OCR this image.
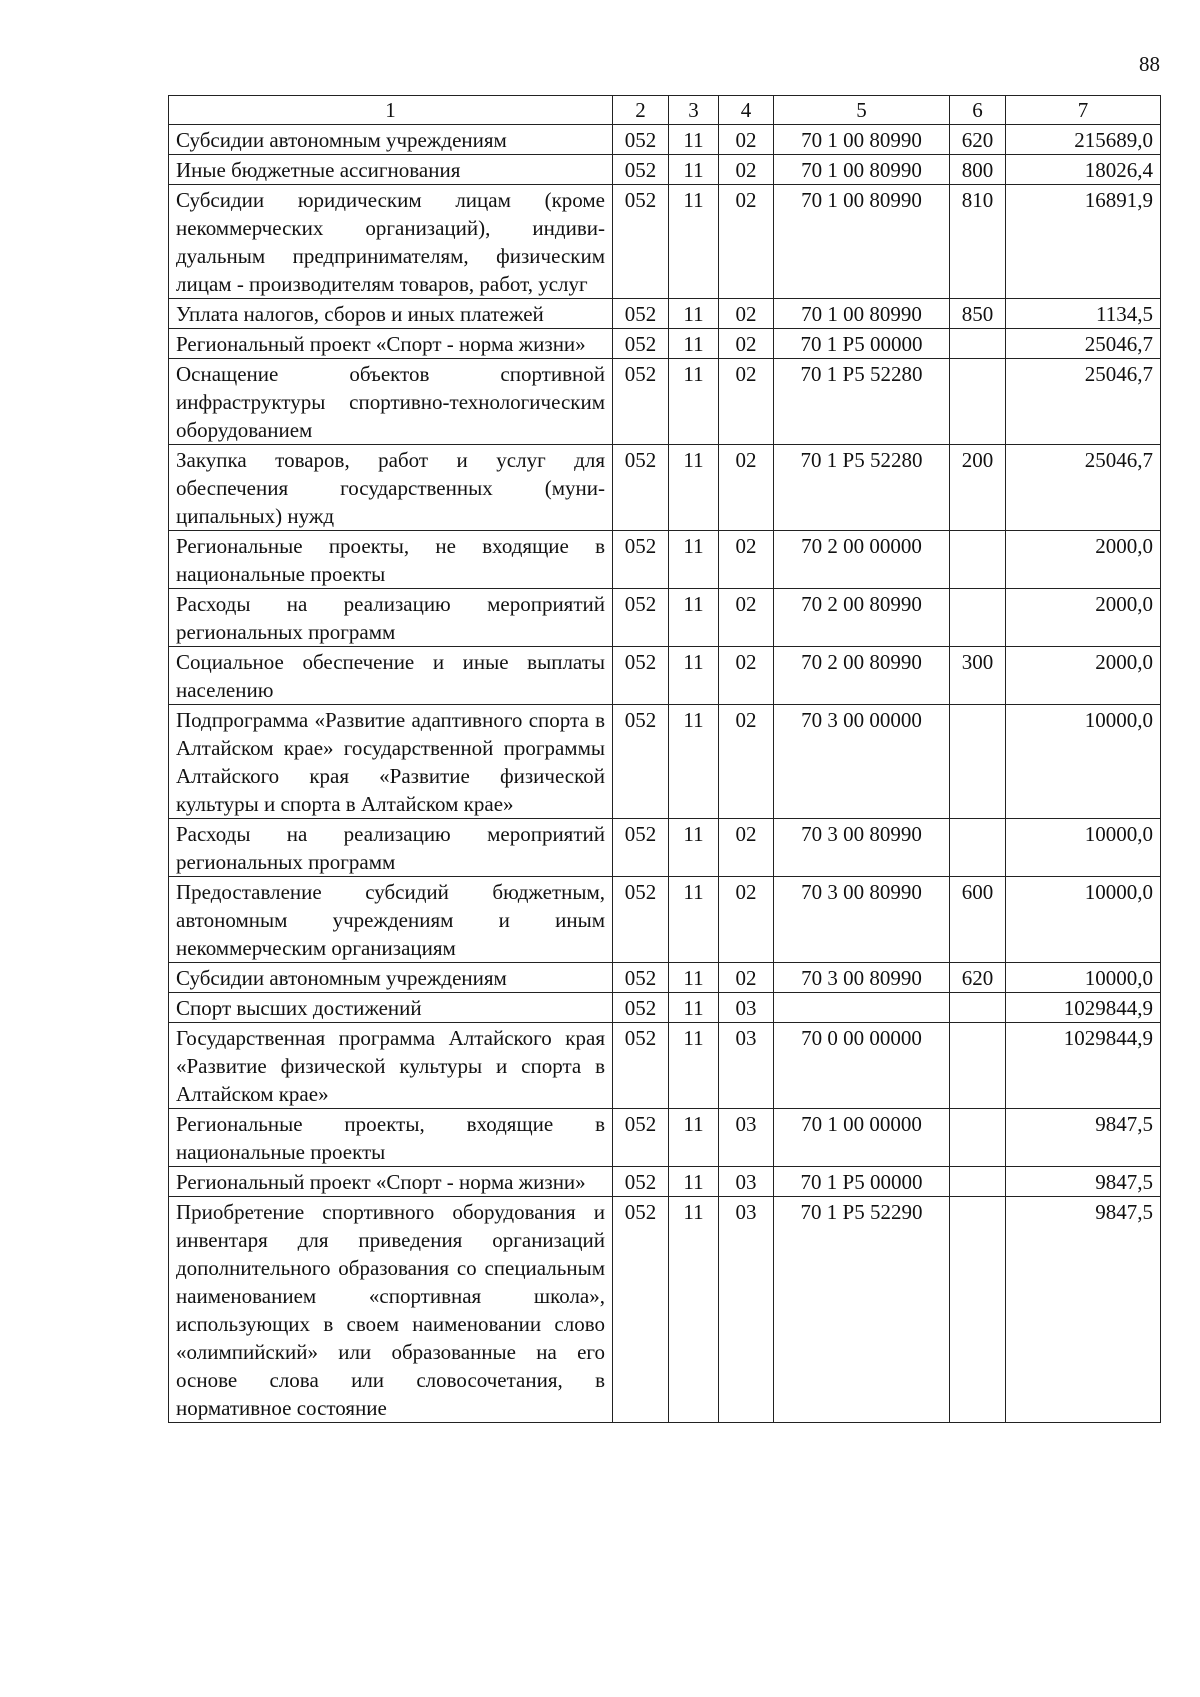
88
1	2	3	4	5	6	7
Субсидии автономным учреждениям	052	11	02	70 1 00 80990	620	215689,0
Иные бюджетные ассигнования	052	11	02	70 1 00 80990	800	18026,4
Субсидии юридическим лицам (кроме некоммерческих организаций), индивидуальным предпринимателям, физическим лицам - производителям товаров, работ, услуг	052	11	02	70 1 00 80990	810	16891,9
Уплата налогов, сборов и иных платежей	052	11	02	70 1 00 80990	850	1134,5
Региональный проект «Спорт - норма жизни»	052	11	02	70 1 P5 00000		25046,7
Оснащение объектов спортивной инфраструктуры спортивно-технологическим оборудованием	052	11	02	70 1 P5 52280		25046,7
Закупка товаров, работ и услуг для обеспечения государственных (муниципальных) нужд	052	11	02	70 1 P5 52280	200	25046,7
Региональные проекты, не входящие в национальные проекты	052	11	02	70 2 00 00000		2000,0
Расходы на реализацию мероприятий региональных программ	052	11	02	70 2 00 80990		2000,0
Социальное обеспечение и иные выплаты населению	052	11	02	70 2 00 80990	300	2000,0
Подпрограмма «Развитие адаптивного спорта в Алтайском крае» государственной программы Алтайского края «Развитие физической культуры и спорта в Алтайском крае»	052	11	02	70 3 00 00000		10000,0
Расходы на реализацию мероприятий региональных программ	052	11	02	70 3 00 80990		10000,0
Предоставление субсидий бюджетным, автономным учреждениям и иным некоммерческим организациям	052	11	02	70 3 00 80990	600	10000,0
Субсидии автономным учреждениям	052	11	02	70 3 00 80990	620	10000,0
Спорт высших достижений	052	11	03			1029844,9
Государственная программа Алтайского края «Развитие физической культуры и спорта в Алтайском крае»	052	11	03	70 0 00 00000		1029844,9
Региональные проекты, входящие в национальные проекты	052	11	03	70 1 00 00000		9847,5
Региональный проект «Спорт - норма жизни»	052	11	03	70 1 P5 00000		9847,5
Приобретение спортивного оборудования и инвентаря для приведения организаций дополнительного образования со специальным наименованием «спортивная школа», использующих в своем наименовании слово «олимпийский» или образованные на его основе слова или словосочетания, в нормативное состояние	052	11	03	70 1 P5 52290		9847,5
